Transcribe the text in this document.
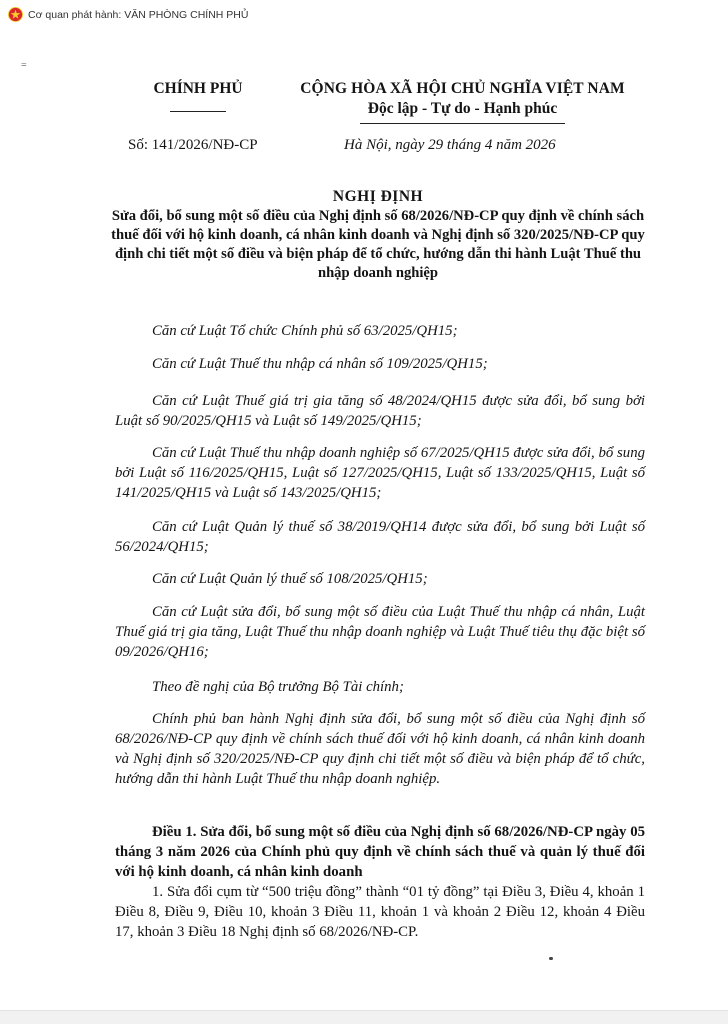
Cơ quan phát hành: VĂN PHÒNG CHÍNH PHỦ
=
CHÍNH PHỦ	CỘNG HÒA XÃ HỘI CHỦ NGHĨA VIỆT NAM
Độc lập - Tự do - Hạnh phúc
Số: 141/2026/NĐ-CP	Hà Nội, ngày 29 tháng 4 năm 2026
NGHỊ ĐỊNH
Sửa đổi, bổ sung một số điều của Nghị định số 68/2026/NĐ-CP quy định về chính sách thuế đối với hộ kinh doanh, cá nhân kinh doanh và Nghị định số 320/2025/NĐ-CP quy định chi tiết một số điều và biện pháp để tổ chức, hướng dẫn thi hành Luật Thuế thu nhập doanh nghiệp
Căn cứ Luật Tổ chức Chính phủ số 63/2025/QH15;
Căn cứ Luật Thuế thu nhập cá nhân số 109/2025/QH15;
Căn cứ Luật Thuế giá trị gia tăng số 48/2024/QH15 được sửa đổi, bổ sung bởi Luật số 90/2025/QH15 và Luật số 149/2025/QH15;
Căn cứ Luật Thuế thu nhập doanh nghiệp số 67/2025/QH15 được sửa đổi, bổ sung bởi Luật số 116/2025/QH15, Luật số 127/2025/QH15, Luật số 133/2025/QH15, Luật số 141/2025/QH15 và Luật số 143/2025/QH15;
Căn cứ Luật Quản lý thuế số 38/2019/QH14 được sửa đổi, bổ sung bởi Luật số 56/2024/QH15;
Căn cứ Luật Quản lý thuế số 108/2025/QH15;
Căn cứ Luật sửa đổi, bổ sung một số điều của Luật Thuế thu nhập cá nhân, Luật Thuế giá trị gia tăng, Luật Thuế thu nhập doanh nghiệp và Luật Thuế tiêu thụ đặc biệt số 09/2026/QH16;
Theo đề nghị của Bộ trưởng Bộ Tài chính;
Chính phủ ban hành Nghị định sửa đổi, bổ sung một số điều của Nghị định số 68/2026/NĐ-CP quy định về chính sách thuế đối với hộ kinh doanh, cá nhân kinh doanh và Nghị định số 320/2025/NĐ-CP quy định chi tiết một số điều và biện pháp để tổ chức, hướng dẫn thi hành Luật Thuế thu nhập doanh nghiệp.
Điều 1. Sửa đổi, bổ sung một số điều của Nghị định số 68/2026/NĐ-CP ngày 05 tháng 3 năm 2026 của Chính phủ quy định về chính sách thuế và quản lý thuế đối với hộ kinh doanh, cá nhân kinh doanh
1. Sửa đổi cụm từ “500 triệu đồng” thành “01 tỷ đồng” tại Điều 3, Điều 4, khoản 1 Điều 8, Điều 9, Điều 10, khoản 3 Điều 11, khoản 1 và khoản 2 Điều 12, khoản 4 Điều 17, khoản 3 Điều 18 Nghị định số 68/2026/NĐ-CP.
